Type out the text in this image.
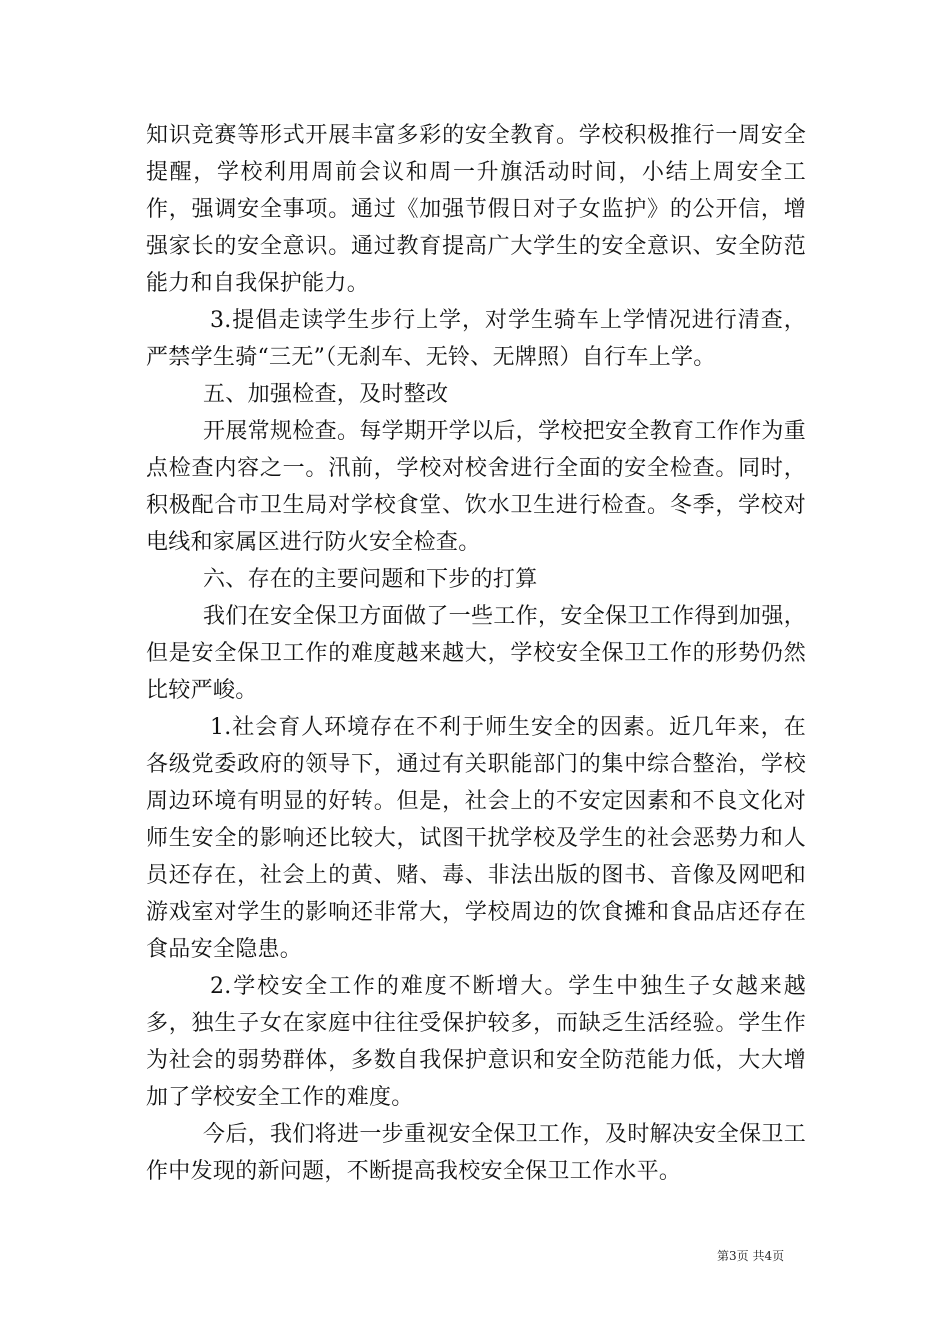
知识竞赛等形式开展丰富多彩的安全教育。学校积极推行一周安全提醒，学校利用周前会议和周一升旗活动时间，小结上周安全工作，强调安全事项。通过《加强节假日对子女监护》的公开信，增强家长的安全意识。通过教育提高广大学生的安全意识、安全防范能力和自我保护能力。

3.提倡走读学生步行上学，对学生骑车上学情况进行清查，严禁学生骑“三无”（无刹车、无铃、无牌照）自行车上学。

五、加强检查，及时整改

开展常规检查。每学期开学以后，学校把安全教育工作作为重点检查内容之一。汛前，学校对校舍进行全面的安全检查。同时，积极配合市卫生局对学校食堂、饮水卫生进行检查。冬季，学校对电线和家属区进行防火安全检查。

六、存在的主要问题和下步的打算

我们在安全保卫方面做了一些工作，安全保卫工作得到加强，但是安全保卫工作的难度越来越大，学校安全保卫工作的形势仍然比较严峻。

1.社会育人环境存在不利于师生安全的因素。近几年来，在各级党委政府的领导下，通过有关职能部门的集中综合整治，学校周边环境有明显的好转。但是，社会上的不安定因素和不良文化对师生安全的影响还比较大，试图干扰学校及学生的社会恶势力和人员还存在，社会上的黄、赌、毒、非法出版的图书、音像及网吧和游戏室对学生的影响还非常大，学校周边的饮食摊和食品店还存在食品安全隐患。

2.学校安全工作的难度不断增大。学生中独生子女越来越多，独生子女在家庭中往往受保护较多，而缺乏生活经验。学生作为社会的弱势群体，多数自我保护意识和安全防范能力低，大大增加了学校安全工作的难度。

今后，我们将进一步重视安全保卫工作，及时解决安全保卫工作中发现的新问题，不断提高我校安全保卫工作水平。

第3页 共4页
